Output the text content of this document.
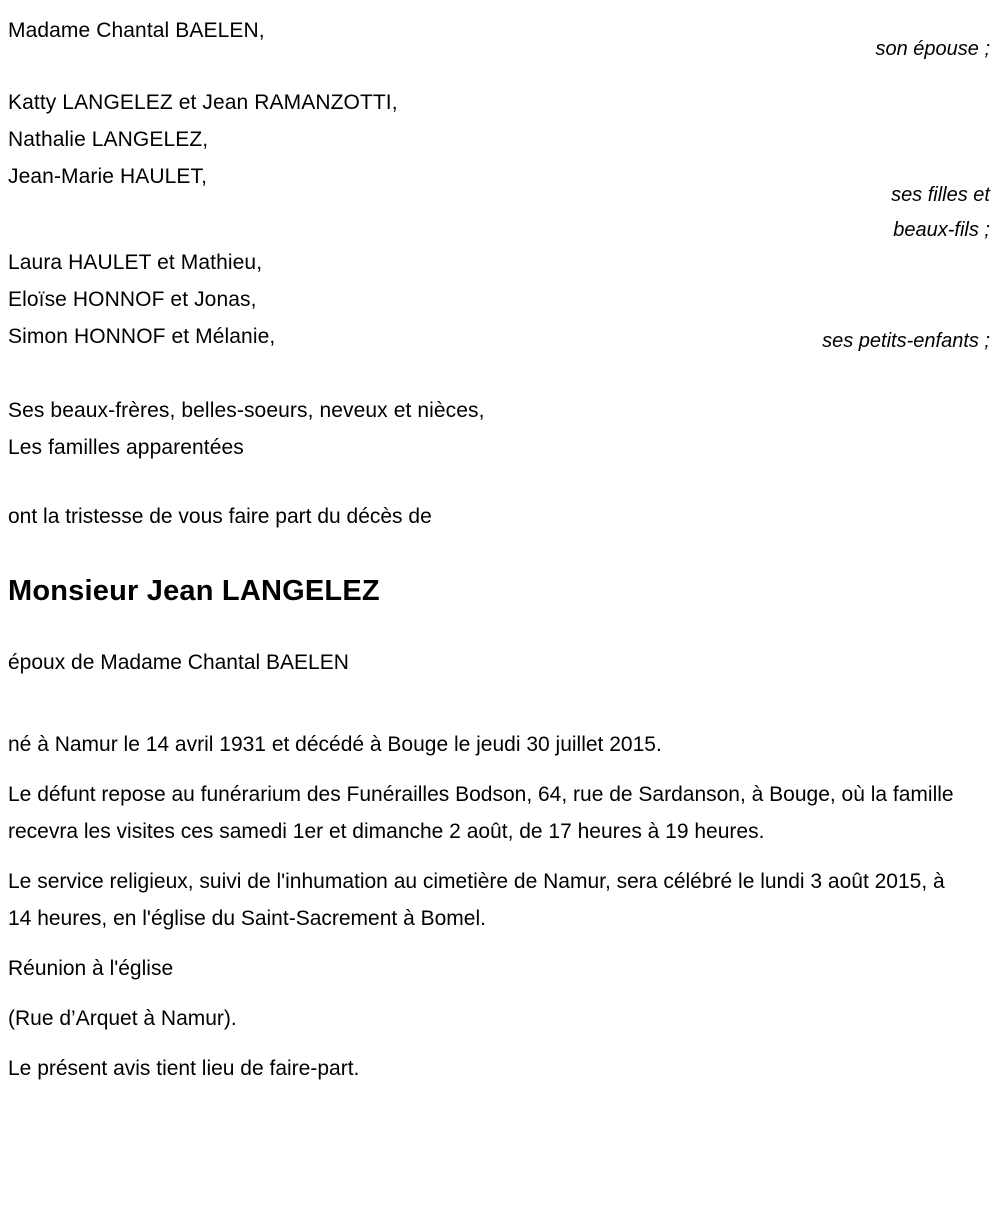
Madame Chantal BAELEN,
son épouse ;
Katty LANGELEZ et Jean RAMANZOTTI,
Nathalie LANGELEZ,
Jean-Marie HAULET,
ses filles et
beaux-fils ;
Laura HAULET et Mathieu,
Eloïse HONNOF et Jonas,
Simon HONNOF et Mélanie,	ses petits-enfants ;
Ses beaux-frères, belles-soeurs, neveux et nièces,
Les familles apparentées
ont la tristesse de vous faire part du décès de
Monsieur Jean LANGELEZ
époux de Madame Chantal BAELEN

né à Namur le 14 avril 1931 et décédé à Bouge le jeudi 30 juillet 2015.

Le défunt repose au funérarium des Funérailles Bodson, 64, rue de Sardanson, à Bouge, où la famille recevra les visites ces samedi 1er et dimanche 2 août, de 17 heures à 19 heures.

Le service religieux, suivi de l'inhumation au cimetière de Namur, sera célébré le lundi 3 août 2015, à 14 heures, en l'église du Saint-Sacrement à Bomel.

Réunion à l'église

(Rue d’Arquet à Namur).

Le présent avis tient lieu de faire-part.
